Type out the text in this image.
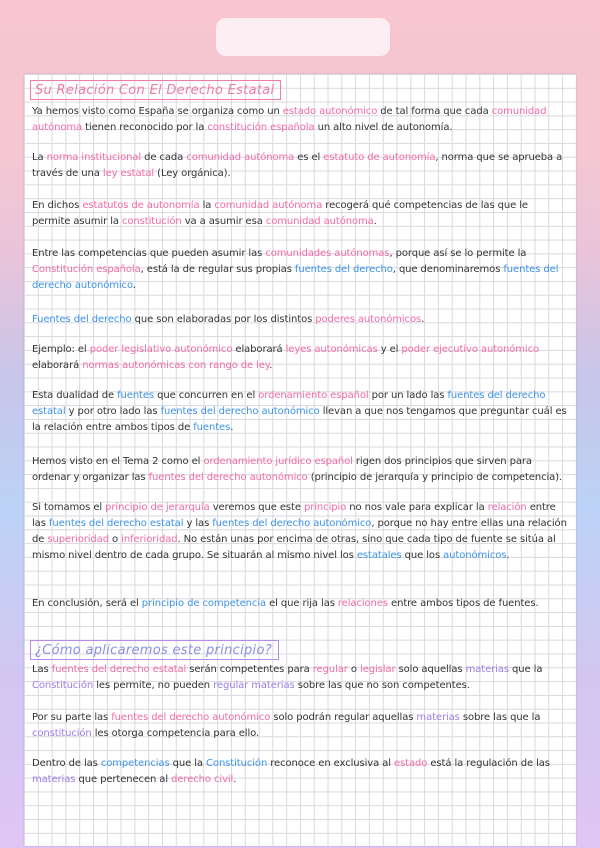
Su Relación Con El Derecho Estatal
Ya hemos visto como España se organiza como un estado autonómico de tal forma que cada comunidad autónoma tienen reconocido por la constitución española un alto nivel de autonomía.
La norma institucional de cada comunidad autónoma es el estatuto de autonomía, norma que se aprueba a través de una ley estatal (Ley orgánica).
En dichos estatutos de autonomía la comunidad autónoma recogerá qué competencias de las que le permite asumir la constitución va a asumir esa comunidad autónoma.
Entre las competencias que pueden asumir las comunidades autónomas, porque así se lo permite la Constitución española, está la de regular sus propias fuentes del derecho, que denominaremos fuentes del derecho autonómico.
Fuentes del derecho que son elaboradas por los distintos poderes autonómicos.
Ejemplo: el poder legislativo autonómico elaborará leyes autonómicas y el poder ejecutivo autonómico elaborará normas autonómicas con rango de ley.
Esta dualidad de fuentes que concurren en el ordenamiento español por un lado las fuentes del derecho estatal y por otro lado las fuentes del derecho autonómico llevan a que nos tengamos que preguntar cuál es la relación entre ambos tipos de fuentes.
Hemos visto en el Tema 2 como el ordenamiento jurídico español rigen dos principios que sirven para ordenar y organizar las fuentes del derecho autonómico (principio de jerarquía y principio de competencia).
Si tomamos el principio de jerarquía veremos que este principio no nos vale para explicar la relación entre las fuentes del derecho estatal y las fuentes del derecho autonómico, porque no hay entre ellas una relación de superioridad o inferioridad. No están unas por encima de otras, sino que cada tipo de fuente se sitúa al mismo nivel dentro de cada grupo. Se situarán al mismo nivel los estatales que los autonómicos.
En conclusión, será el principio de competencia el que rija las relaciones entre ambos tipos de fuentes.
¿Cómo aplicaremos este principio?
Las fuentes del derecho estatal serán competentes para regular o legislar solo aquellas materias que la Constitución les permite, no pueden regular materias sobre las que no son competentes.
Por su parte las fuentes del derecho autonómico solo podrán regular aquellas materias sobre las que la constitución les otorga competencia para ello.
Dentro de las competencias que la Constitución reconoce en exclusiva al estado está la regulación de las materias que pertenecen al derecho civil.
